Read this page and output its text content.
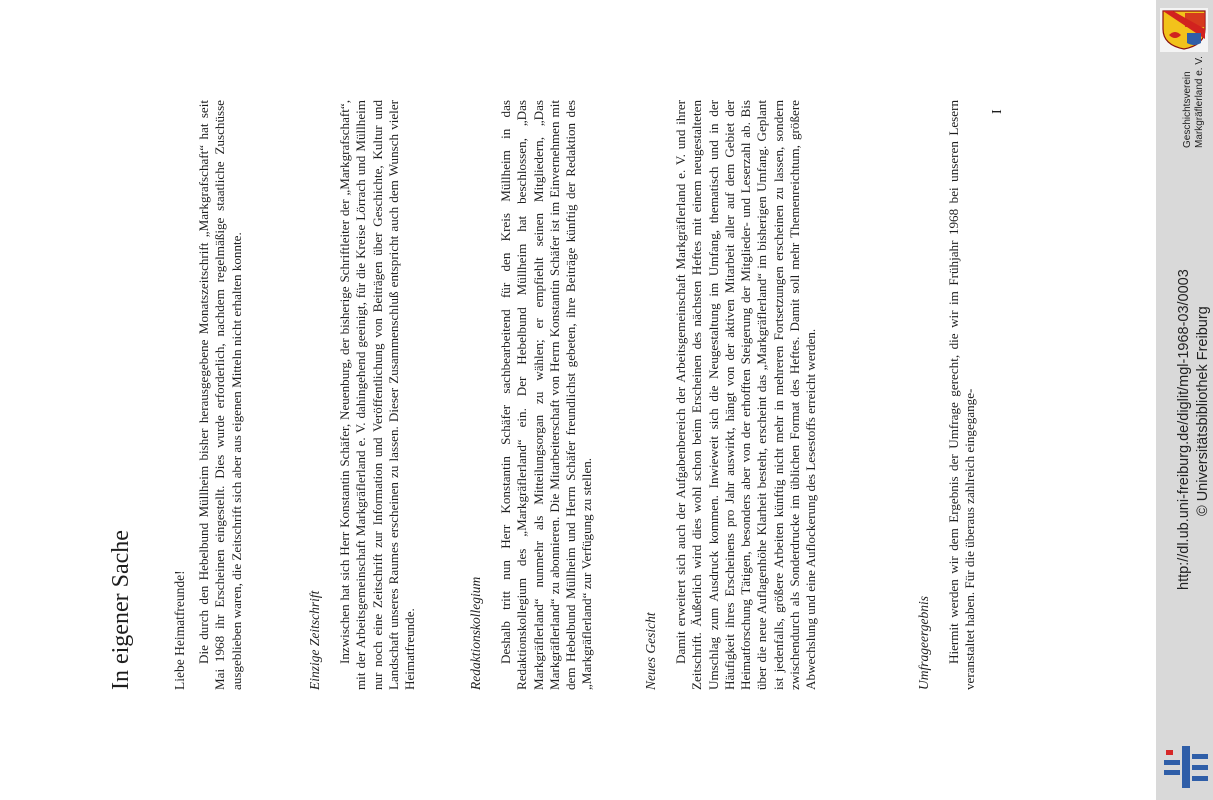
In eigener Sache	Liebe Heimatfreunde! Die durch den Hebelbund Müllheim bisher herausgegebene Monatszeitschrift „Markgrafschaft“ hat seit Mai 1968 ihr Erscheinen eingestellt. Dies wurde erforderlich, nachdem regelmäßige staatliche Zuschüsse ausgeblieben waren, die Zeitschrift sich aber aus eigenen Mitteln nicht erhalten konnte.	Einzige Zeitschrift Inzwischen hat sich Herr Konstantin Schäfer, Neuenburg, der bisherige Schriftleiter der „Markgrafschaft“, mit der Arbeitsgemeinschaft Markgräflerland e. V. dahingehend geeinigt, für die Kreise Lörrach und Müllheim nur noch eine Zeitschrift zur Information und Veröffentlichung von Beiträgen über Geschichte, Kultur und Landschaft unseres Raumes erscheinen zu lassen. Dieser Zusammenschluß entspricht auch dem Wunsch vieler Heimatfreunde.	Redaktionskollegium Deshalb tritt nun Herr Konstantin Schäfer sachbearbeitend für den Kreis Müllheim in das Redaktionskollegium des „Markgräflerland“ ein. Der Hebelbund Müllheim hat beschlossen, „Das Markgräflerland“ nunmehr als Mitteilungsorgan zu wählen; er empfiehlt seinen Mitgliedern, „Das Markgräflerland“ zu abonnieren. Die Mitarbeiterschaft von Herrn Konstantin Schäfer ist im Einvernehmen mit dem Hebelbund Müllheim und Herrn Schäfer freundlichst gebeten, ihre Beiträge künftig der Redaktion des „Markgräflerland“ zur Verfügung zu stellen.	Neues Gesicht Damit erweitert sich auch der Aufgabenbereich der Arbeitsgemeinschaft Markgräflerland e. V. und ihrer Zeitschrift. Äußerlich wird dies wohl schon beim Erscheinen des nächsten Heftes mit einem neugestalteten Umschlag zum Ausdruck kommen. Inwieweit sich die Neugestaltung im Umfang, thematisch und in der Häufigkeit ihres Erscheinens pro Jahr auswirkt, hängt von der aktiven Mitarbeit aller auf dem Gebiet der Heimatforschung Tätigen, besonders aber von der erhofften Steigerung der Mitglieder- und Leserzahl ab. Bis über die neue Auflagenhöhe Klarheit besteht, erscheint das „Markgräflerland“ im bisherigen Umfang. Geplant ist jedenfalls, größere Arbeiten künftig nicht mehr in mehreren Fortsetzungen erscheinen zu lassen, sondern zwischendurch als Sonderdrucke im üblichen Format des Heftes. Damit soll mehr Themenreichtum, größere Abwechslung und eine Auflockerung des Lesestoffs erreicht werden.	Umfrageergebnis Hiermit werden wir dem Ergebnis der Umfrage gerecht, die wir im Frühjahr 1968 bei unseren Lesern veranstaltet haben. Für die überaus zahlreich eingegange-

I	Geschichtsverein Markgräflerland e. V.
http://dl.ub.uni-freiburg.de/diglit/mgl-1968-03/0003 © Universitätsbibliothek Freiburg
